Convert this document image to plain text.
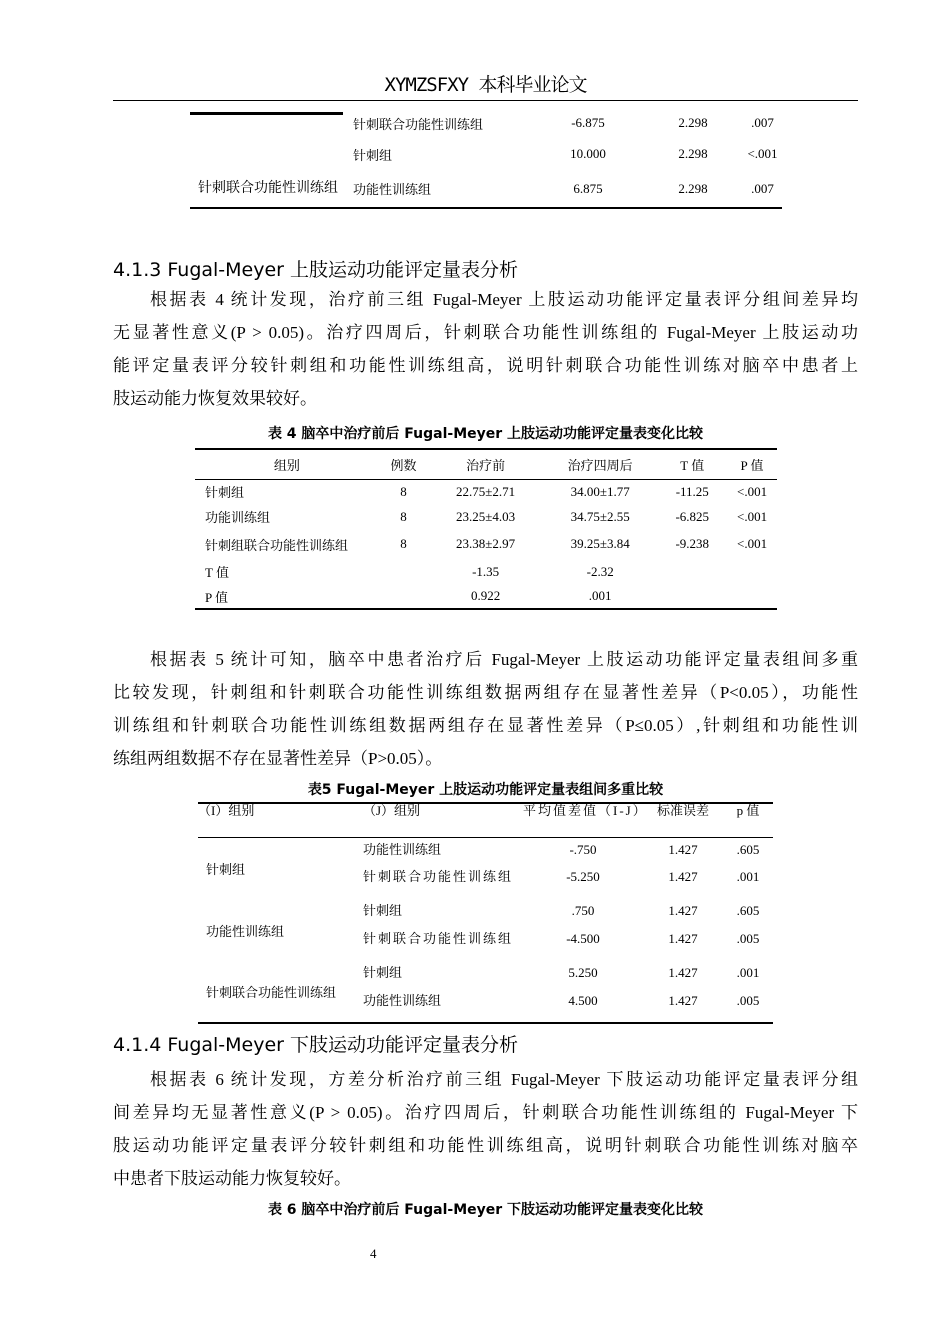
XYMZSFXY 本科毕业论文
	针刺联合功能性训练组	-6.875	2.298	.007
	针刺组	10.000	2.298	<.001
针刺联合功能性训练组	功能性训练组	6.875	2.298	.007
4.1.3 Fugal-Meyer 上肢运动功能评定量表分析
根据表 4 统计发现，治疗前三组 Fugal-Meyer 上肢运动功能评定量表评分组间差异均
无显著性意义(P > 0.05)。治疗四周后，针刺联合功能性训练组的 Fugal-Meyer 上肢运动功
能评定量表评分较针刺组和功能性训练组高，说明针刺联合功能性训练对脑卒中患者上
肢运动能力恢复效果较好。
表 4 脑卒中治疗前后 Fugal-Meyer 上肢运动功能评定量表变化比较
组别	例数	治疗前	治疗四周后	T 值	P 值
针刺组	8	22.75±2.71	34.00±1.77	-11.25	<.001
功能训练组	8	23.25±4.03	34.75±2.55	-6.825	<.001
针刺组联合功能性训练组	8	23.38±2.97	39.25±3.84	-9.238	<.001
T 值		-1.35	-2.32		
P 值		0.922	.001		
根据表 5 统计可知，脑卒中患者治疗后 Fugal-Meyer 上肢运动功能评定量表组间多重
比较发现，针刺组和针刺联合功能性训练组数据两组存在显著性差异（P<0.05），功能性
训练组和针刺联合功能性训练组数据两组存在显著性差异（P≤0.05）,针刺组和功能性训
练组两组数据不存在显著性差异（P>0.05）。
表5 Fugal-Meyer 上肢运动功能评定量表组间多重比较
（I）组别	（J）组别	平均值差值（I-J）	标准误差	p 值
针刺组	功能性训练组	-.750	1.427	.605
	针刺联合功能性训练组	-5.250	1.427	.001
功能性训练组	针刺组	.750	1.427	.605
	针刺联合功能性训练组	-4.500	1.427	.005
针刺联合功能性训练组	针刺组	5.250	1.427	.001
	功能性训练组	4.500	1.427	.005
4.1.4 Fugal-Meyer 下肢运动功能评定量表分析
根据表 6 统计发现，方差分析治疗前三组 Fugal-Meyer 下肢运动功能评定量表评分组
间差异均无显著性意义(P > 0.05)。治疗四周后，针刺联合功能性训练组的 Fugal-Meyer 下
肢运动功能评定量表评分较针刺组和功能性训练组高，说明针刺联合功能性训练对脑卒
中患者下肢运动能力恢复较好。
表 6 脑卒中治疗前后 Fugal-Meyer 下肢运动功能评定量表变化比较
4
